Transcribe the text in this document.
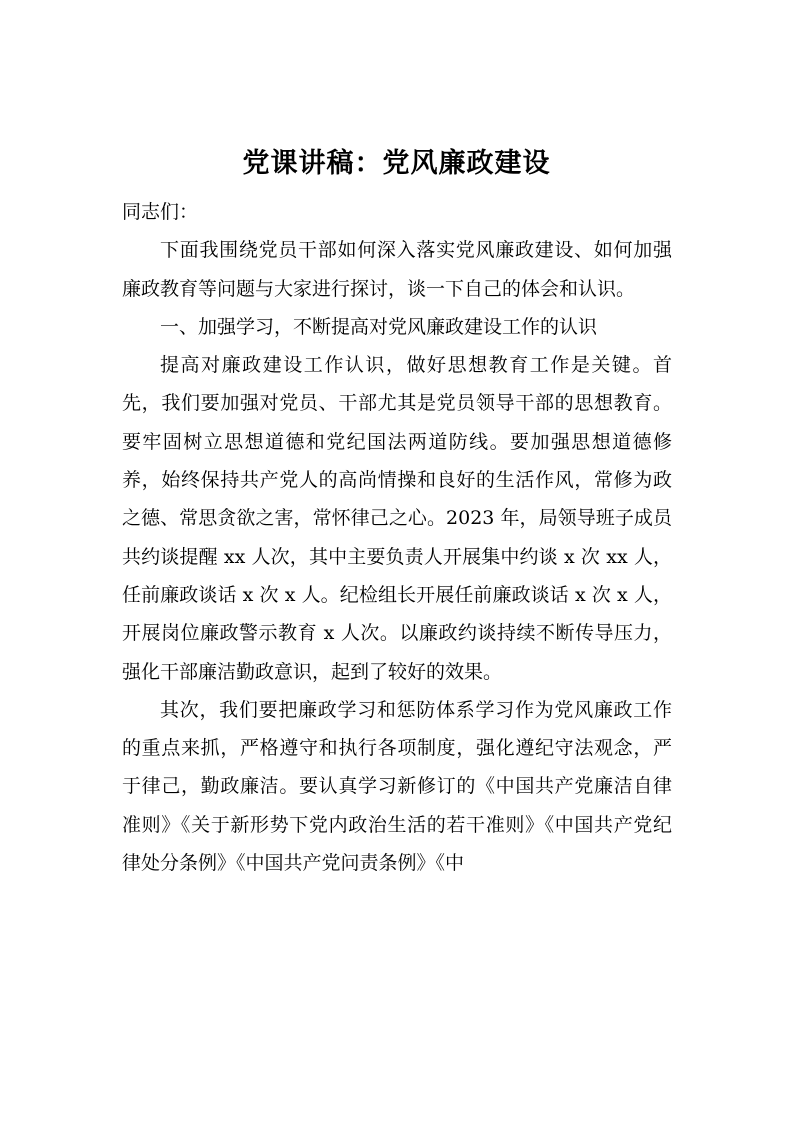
党课讲稿：党风廉政建设

同志们：

下面我围绕党员干部如何深入落实党风廉政建设、如何加强廉政教育等问题与大家进行探讨，谈一下自己的体会和认识。

一、加强学习，不断提高对党风廉政建设工作的认识

提高对廉政建设工作认识，做好思想教育工作是关键。首先，我们要加强对党员、干部尤其是党员领导干部的思想教育。要牢固树立思想道德和党纪国法两道防线。要加强思想道德修养，始终保持共产党人的高尚情操和良好的生活作风，常修为政之德、常思贪欲之害，常怀律己之心。2023 年，局领导班子成员共约谈提醒 xx 人次，其中主要负责人开展集中约谈 x 次 xx 人，任前廉政谈话 x 次 x 人。纪检组长开展任前廉政谈话 x 次 x 人，开展岗位廉政警示教育 x 人次。以廉政约谈持续不断传导压力，强化干部廉洁勤政意识，起到了较好的效果。

其次，我们要把廉政学习和惩防体系学习作为党风廉政工作的重点来抓，严格遵守和执行各项制度，强化遵纪守法观念，严于律己，勤政廉洁。要认真学习新修订的《中国共产党廉洁自律准则》《关于新形势下党内政治生活的若干准则》《中国共产党纪律处分条例》《中国共产党问责条例》《中
